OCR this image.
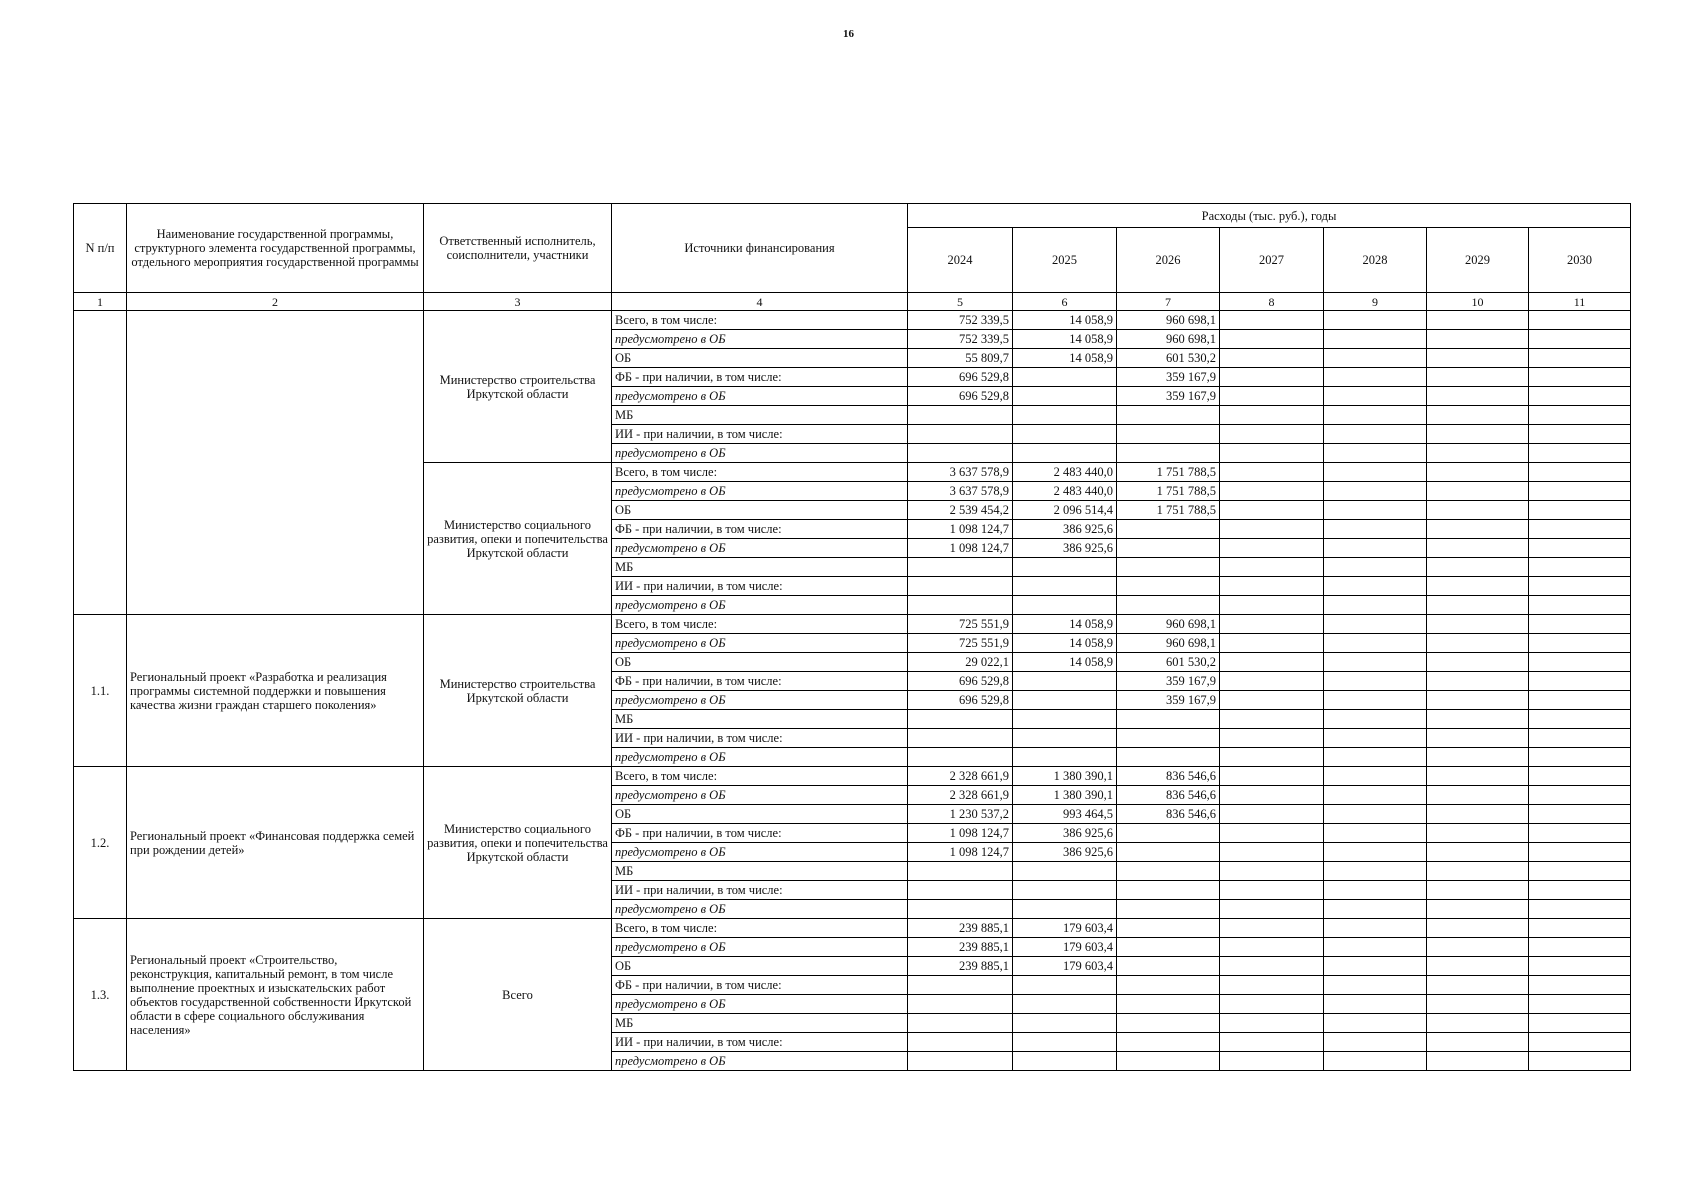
16
N п/п	Наименование государственной программы, структурного элемента государственной программы, отдельного мероприятия государственной программы	Ответственный исполнитель, соисполнители, участники	Источники финансирования	Расходы (тыс. руб.), годы						
				2024	2025	2026	2027	2028	2029	2030
1	2	3	4	5	6	7	8	9	10	11
		Министерство строительства Иркутской области	Всего, в том числе:	752 339,5	14 058,9	960 698,1				
			предусмотрено в ОБ	752 339,5	14 058,9	960 698,1				
			ОБ	55 809,7	14 058,9	601 530,2				
			ФБ - при наличии, в том числе:	696 529,8		359 167,9				
			предусмотрено в ОБ	696 529,8		359 167,9				
			МБ							
			ИИ - при наличии, в том числе:							
			предусмотрено в ОБ							
		Министерство социального развития, опеки и попечительства Иркутской области	Всего, в том числе:	3 637 578,9	2 483 440,0	1 751 788,5				
			предусмотрено в ОБ	3 637 578,9	2 483 440,0	1 751 788,5				
			ОБ	2 539 454,2	2 096 514,4	1 751 788,5				
			ФБ - при наличии, в том числе:	1 098 124,7	386 925,6					
			предусмотрено в ОБ	1 098 124,7	386 925,6					
			МБ							
			ИИ - при наличии, в том числе:							
			предусмотрено в ОБ							
1.1.	Региональный проект «Разработка и реализация программы системной поддержки и повышения качества жизни граждан старшего поколения»	Министерство строительства Иркутской области	Всего, в том числе:	725 551,9	14 058,9	960 698,1				
			предусмотрено в ОБ	725 551,9	14 058,9	960 698,1				
			ОБ	29 022,1	14 058,9	601 530,2				
			ФБ - при наличии, в том числе:	696 529,8		359 167,9				
			предусмотрено в ОБ	696 529,8		359 167,9				
			МБ							
			ИИ - при наличии, в том числе:							
			предусмотрено в ОБ							
1.2.	Региональный проект «Финансовая поддержка семей при рождении детей»	Министерство социального развития, опеки и попечительства Иркутской области	Всего, в том числе:	2 328 661,9	1 380 390,1	836 546,6				
			предусмотрено в ОБ	2 328 661,9	1 380 390,1	836 546,6				
			ОБ	1 230 537,2	993 464,5	836 546,6				
			ФБ - при наличии, в том числе:	1 098 124,7	386 925,6					
			предусмотрено в ОБ	1 098 124,7	386 925,6					
			МБ							
			ИИ - при наличии, в том числе:							
			предусмотрено в ОБ							
1.3.	Региональный проект «Строительство, реконструкция, капитальный ремонт, в том числе выполнение проектных и изыскательских работ объектов государственной собственности Иркутской области в сфере социального обслуживания населения»	Всего	Всего, в том числе:	239 885,1	179 603,4					
			предусмотрено в ОБ	239 885,1	179 603,4					
			ОБ	239 885,1	179 603,4					
			ФБ - при наличии, в том числе:							
			предусмотрено в ОБ							
			МБ							
			ИИ - при наличии, в том числе:							
			предусмотрено в ОБ							
